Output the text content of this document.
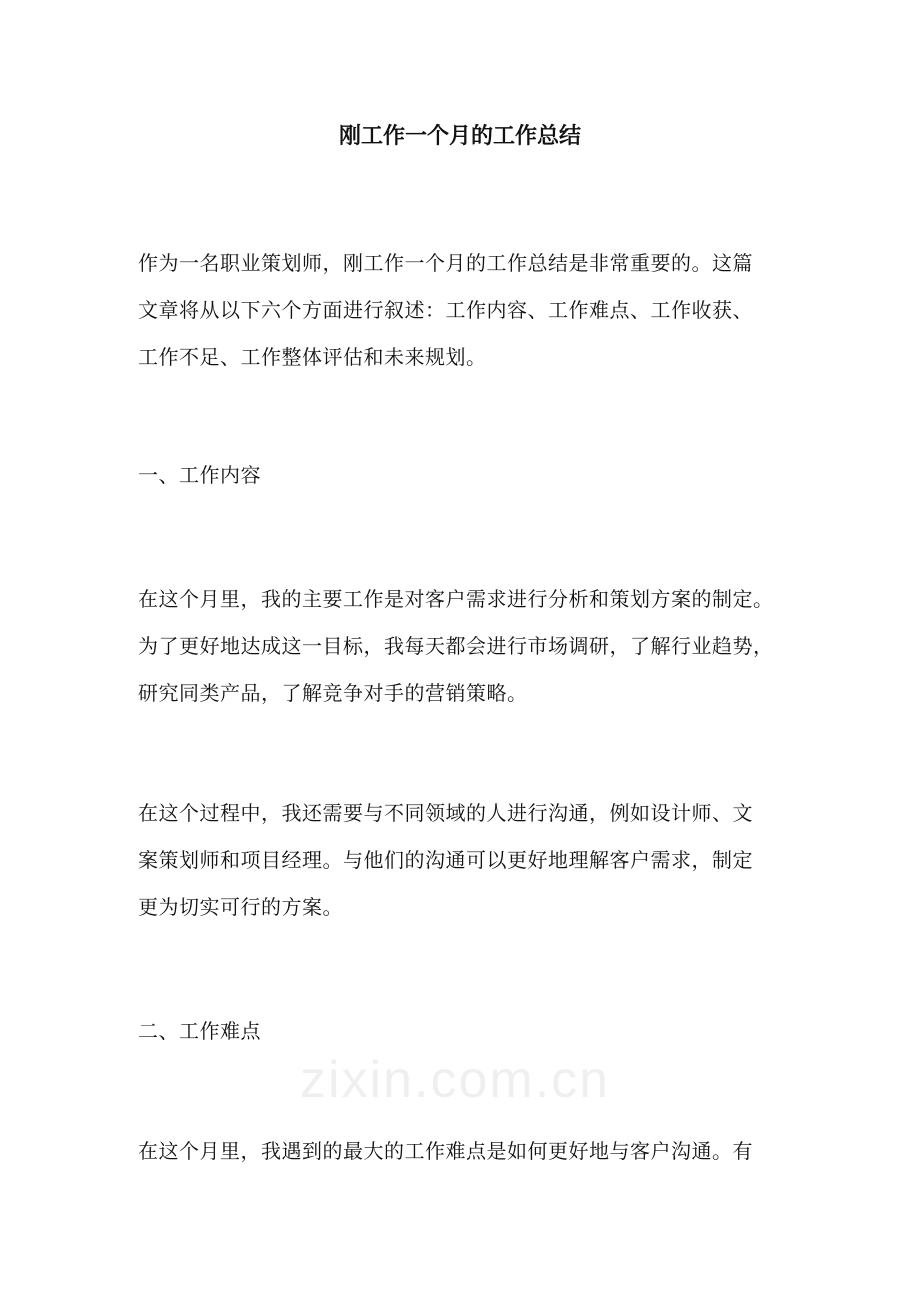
刚工作一个月的工作总结

作为一名职业策划师，刚工作一个月的工作总结是非常重要的。这篇
文章将从以下六个方面进行叙述：工作内容、工作难点、工作收获、
工作不足、工作整体评估和未来规划。

一、工作内容

在这个月里，我的主要工作是对客户需求进行分析和策划方案的制定。
为了更好地达成这一目标，我每天都会进行市场调研，了解行业趋势，
研究同类产品，了解竞争对手的营销策略。

在这个过程中，我还需要与不同领域的人进行沟通，例如设计师、文
案策划师和项目经理。与他们的沟通可以更好地理解客户需求，制定
更为切实可行的方案。

二、工作难点

在这个月里，我遇到的最大的工作难点是如何更好地与客户沟通。有

zixin.com.cn
